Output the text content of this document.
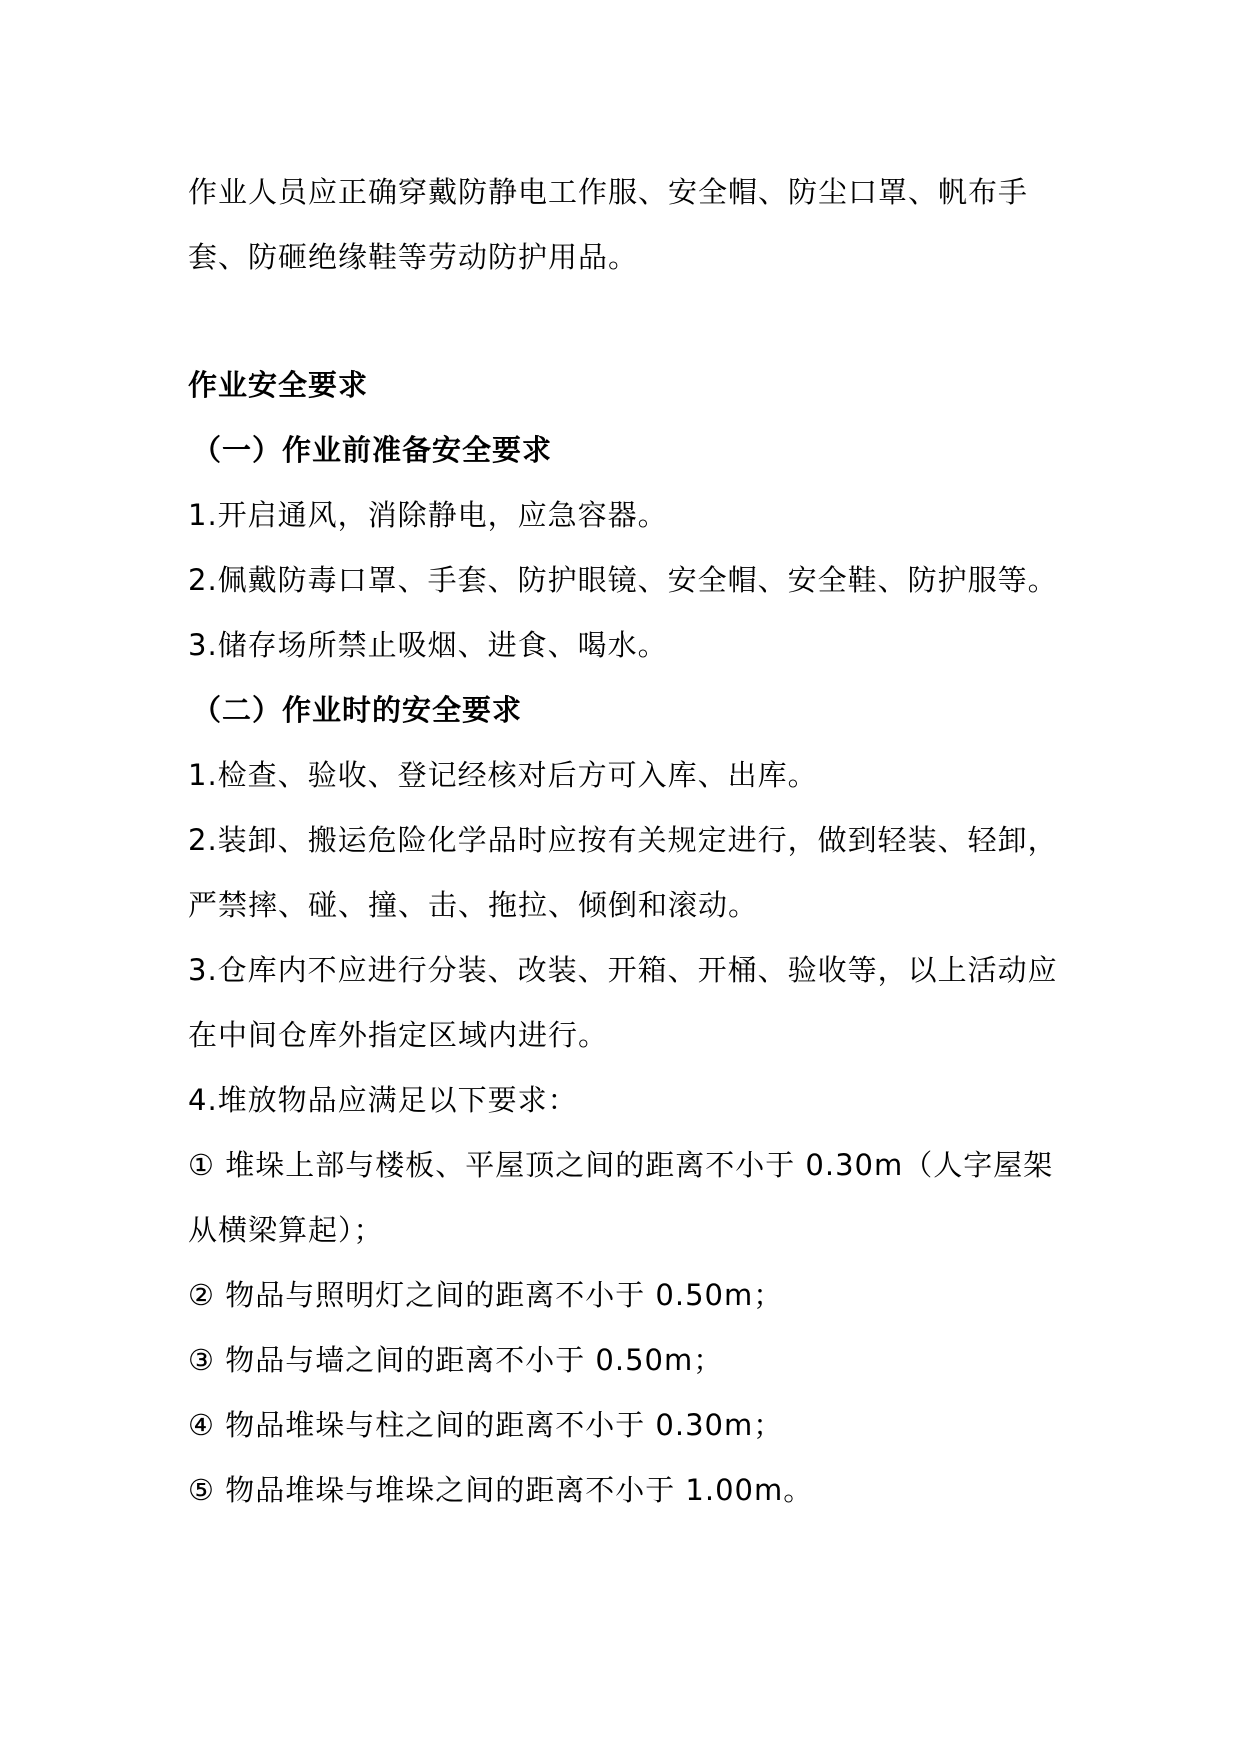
作业人员应正确穿戴防静电工作服、安全帽、防尘口罩、帆布手套、防砸绝缘鞋等劳动防护用品。

作业安全要求

（一）作业前准备安全要求

1.开启通风，消除静电，应急容器。

2.佩戴防毒口罩、手套、防护眼镜、安全帽、安全鞋、防护服等。

3.储存场所禁止吸烟、进食、喝水。

（二）作业时的安全要求

1.检查、验收、登记经核对后方可入库、出库。

2.装卸、搬运危险化学品时应按有关规定进行，做到轻装、轻卸，严禁摔、碰、撞、击、拖拉、倾倒和滚动。

3.仓库内不应进行分装、改装、开箱、开桶、验收等，以上活动应在中间仓库外指定区域内进行。

4.堆放物品应满足以下要求：

① 堆垛上部与楼板、平屋顶之间的距离不小于 0.30m（人字屋架从横梁算起）；

② 物品与照明灯之间的距离不小于 0.50m；

③ 物品与墙之间的距离不小于 0.50m；

④ 物品堆垛与柱之间的距离不小于 0.30m；

⑤ 物品堆垛与堆垛之间的距离不小于 1.00m。
